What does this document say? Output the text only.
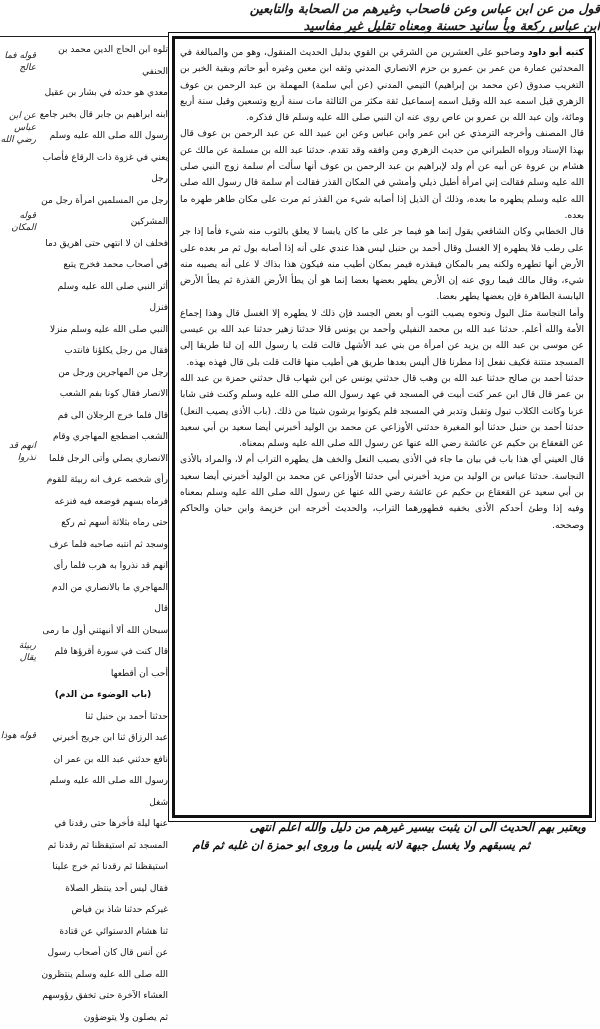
قول من عن ابن عباس وعن فاصحاب وغيرهم من الصحابة والتابعين
ابن عباس ركعة وبأ سانيد حسنة ومعناه تقليل غير مفاسيد

كتبه أبو داود وصاحبو على العشرين من الشرقي بن القوي بدليل الحديث المنقول، وهو من والمبالغة في المحدثين عمارة من عمر بن عمرو بن حزم الانصاري المدني وثقه ابن معين وغيره أبو حاتم وبقية الخبر بن التغريب صدوق (عن محمد بن إبراهيم) التيمي المدني (عن أبي سلمة) المهملة بن عبد الرحمن بن عوف الزهري قيل اسمه عبد الله وقيل اسمه إسماعيل ثقة مكثر من الثالثة مات سنة أربع وتسعين وقيل سنة أربع ومائة، وإن عبد الله بن عمرو بن عاص روى عنه ان النبي صلى الله عليه وسلم قال فذكره.

قال المصنف وأخرجه الترمذي عن ابن عمر وابن عباس وعن ابن عبيد الله عن عبد الرحمن بن عوف قال بهذا الإسناد ورواه الطبراني من حديث الزهري ومن وافقه وقد تقدم. حدثنا عبد الله بن مسلمة عن مالك عن هشام بن عروة عن أبيه عن أم ولد لإبراهيم بن عبد الرحمن بن عوف أنها سألت أم سلمة زوج النبي صلى الله عليه وسلم فقالت إني امرأة أطيل ذيلي وأمشي في المكان القذر فقالت أم سلمة قال رسول الله صلى الله عليه وسلم يطهره ما بعده، وذلك أن الذيل إذا أصابه شيء من القذر ثم مرت على مكان طاهر طهره ما بعده.

قال الخطابي وكان الشافعي يقول إنما هو فيما جر على ما كان يابسا لا يعلق بالثوب منه شيء فأما إذا جر على رطب فلا يطهره إلا الغسل وقال أحمد بن حنبل ليس هذا عندي على أنه إذا أصابه بول ثم مر بعده على الأرض أنها تطهره ولكنه يمر بالمكان فيقذره فيمر بمكان أطيب منه فيكون هذا بذاك لا على أنه يصيبه منه شيء، وقال مالك فيما روي عنه إن الأرض يطهر بعضها بعضا إنما هو أن يطأ الأرض القذرة ثم يطأ الأرض اليابسة الطاهرة فإن بعضها يطهر بعضا.

وأما النجاسة مثل البول ونحوه يصيب الثوب أو بعض الجسد فإن ذلك لا يطهره إلا الغسل قال وهذا إجماع الأمة والله أعلم. حدثنا عبد الله بن محمد النفيلي وأحمد بن يونس قالا حدثنا زهير حدثنا عبد الله بن عيسى عن موسى بن عبد الله بن يزيد عن امرأة من بني عبد الأشهل قالت قلت يا رسول الله إن لنا طريقا إلى المسجد منتنة فكيف نفعل إذا مطرنا قال أليس بعدها طريق هي أطيب منها قالت قلت بلى قال فهذه بهذه.

حدثنا أحمد بن صالح حدثنا عبد الله بن وهب قال حدثني يونس عن ابن شهاب قال حدثني حمزة بن عبد الله بن عمر قال قال ابن عمر كنت أبيت في المسجد في عهد رسول الله صلى الله عليه وسلم وكنت فتى شابا عزبا وكانت الكلاب تبول وتقبل وتدبر في المسجد فلم يكونوا يرشون شيئا من ذلك. (باب الأذى يصيب النعل) حدثنا أحمد بن حنبل حدثنا أبو المغيرة حدثني الأوزاعي عن محمد بن الوليد أخبرني أيضا سعيد بن أبي سعيد عن القعقاع بن حكيم عن عائشة رضي الله عنها عن رسول الله صلى الله عليه وسلم بمعناه.

قال العيني أي هذا باب في بيان ما جاء في الأذى يصيب النعل والخف هل يطهره التراب أم لا، والمراد بالأذى النجاسة. حدثنا عباس بن الوليد بن مزيد أخبرني أبي حدثنا الأوزاعي عن محمد بن الوليد أخبرني أيضا سعيد بن أبي سعيد عن القعقاع بن حكيم عن عائشة رضي الله عنها عن رسول الله صلى الله عليه وسلم بمعناه وفيه إذا وطئ أحدكم الأذى بخفيه فطهورهما التراب، والحديث أخرجه ابن خزيمة وابن حبان والحاكم وصححه.

تلوه ابن الحاج الدين محمد بن الحنفي
معدي هو حدثه في بشار بن عقيل
ابنه ابراهيم بن جابر قال بخبر جامع
رسول الله صلى الله عليه وسلم
يعني في غزوة ذات الرقاع فأصاب رجل
رجل من المسلمين امرأة رجل من المشركين
فحلف ان لا انتهي حتى اهريق دما
في أصحاب محمد فخرج يتبع
أثر النبي صلى الله عليه وسلم فنزل
النبي صلى الله عليه وسلم منزلا
فقال من رجل يكلؤنا فانتدب
رجل من المهاجرين ورجل من
الانصار فقال كونا بفم الشعب
قال فلما خرج الرجلان الى فم
الشعب اضطجع المهاجري وقام
الانصاري يصلي وأتى الرجل فلما
رأى شخصه عرف انه ربيئة للقوم
فرماه بسهم فوضعه فيه فنزعه
حتى رماه بثلاثة أسهم ثم ركع
وسجد ثم انتبه صاحبه فلما عرف
انهم قد نذروا به هرب فلما رأى
المهاجري ما بالانصاري من الدم قال
سبحان الله ألا أنبهتني أول ما رمى
قال كنت في سورة أقرؤها فلم
أحب أن أقطعها
(باب الوضوء من الدم)
حدثنا أحمد بن حنبل ثنا
عبد الرزاق ثنا ابن جريج أخبرني
نافع حدثني عبد الله بن عمر ان
رسول الله صلى الله عليه وسلم شغل
عنها ليلة فأخرها حتى رقدنا في
المسجد ثم استيقظنا ثم رقدنا ثم
استيقظنا ثم رقدنا ثم خرج علينا
فقال ليس أحد ينتظر الصلاة
غيركم حدثنا شاذ بن فياض
ثنا هشام الدستوائي عن قتادة
عن أنس قال كان أصحاب رسول
الله صلى الله عليه وسلم ينتظرون
العشاء الآخرة حتى تخفق رؤوسهم
ثم يصلون ولا يتوضؤون
قوله فما عالج
عن ابن عباس رضي الله
قوله المكان
انهم قد نذروا
ربيئة يقال
قوله هوذا
ويعتبر بهم الحديث الى ان يثبت بيسير غيرهم من دليل والله اعلم انتهى
ثم يسبقهم ولا يغسل جبهة لانه يلبس ما وروى ابو حمزة ان غلبه ثم قام
